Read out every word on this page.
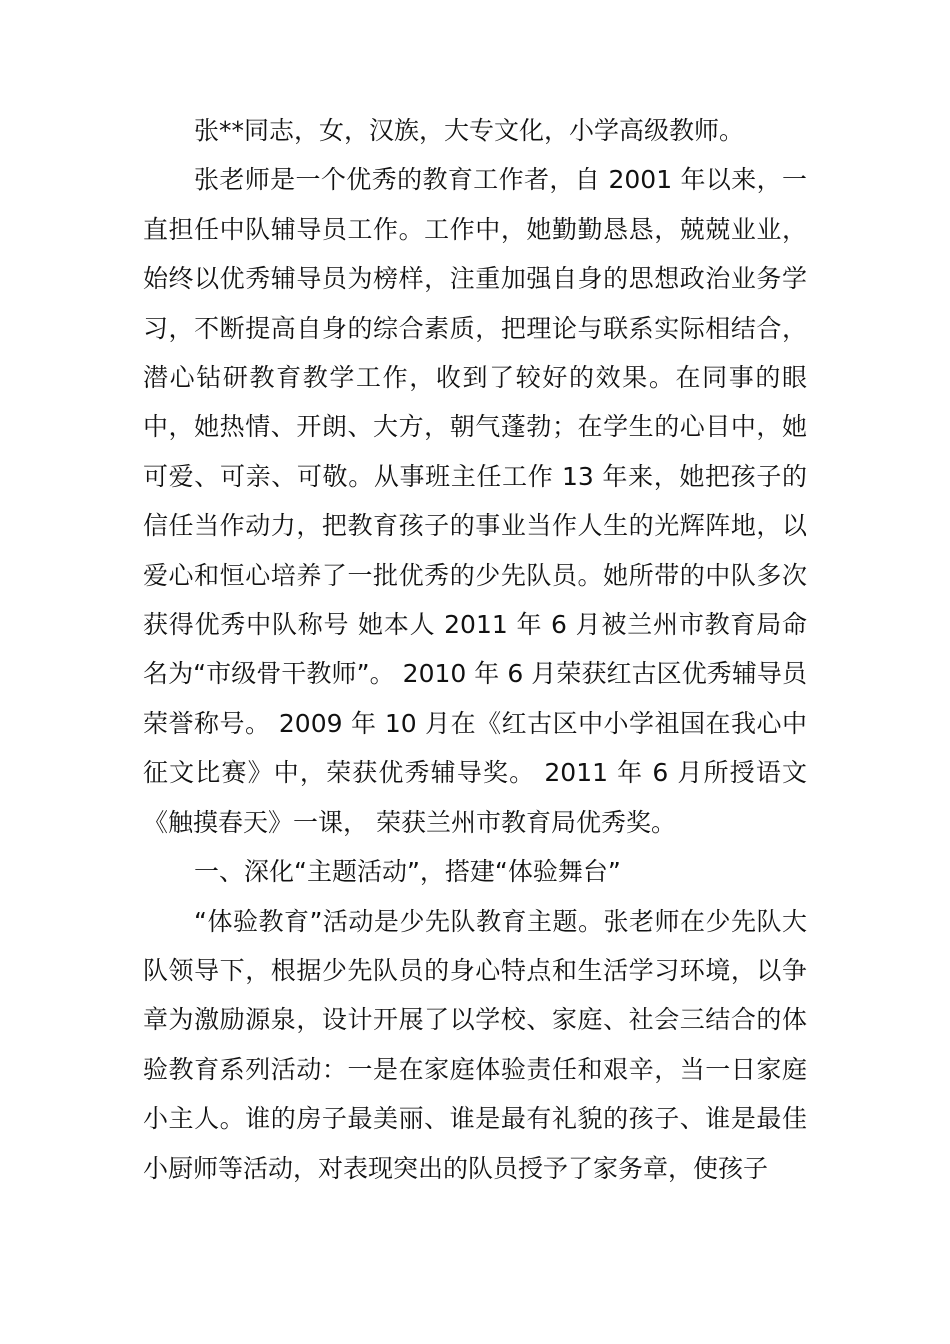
张**同志，女，汉族，大专文化，小学高级教师。

张老师是一个优秀的教育工作者，自 2001 年以来，一直担任中队辅导员工作。工作中，她勤勤恳恳，兢兢业业，始终以优秀辅导员为榜样，注重加强自身的思想政治业务学习，不断提高自身的综合素质，把理论与联系实际相结合，潜心钻研教育教学工作，收到了较好的效果。在同事的眼中，她热情、开朗、大方，朝气蓬勃；在学生的心目中，她可爱、可亲、可敬。从事班主任工作 13 年来，她把孩子的信任当作动力，把教育孩子的事业当作人生的光辉阵地，以爱心和恒心培养了一批优秀的少先队员。她所带的中队多次获得优秀中队称号 她本人 2011 年 6 月被兰州市教育局命名为“市级骨干教师”。 2010 年 6 月荣获红古区优秀辅导员荣誉称号。 2009 年 10 月在《红古区中小学祖国在我心中征文比赛》中，荣获优秀辅导奖。 2011 年 6 月所授语文《触摸春天》一课， 荣获兰州市教育局优秀奖。

一、深化“主题活动”，搭建“体验舞台”

“体验教育”活动是少先队教育主题。张老师在少先队大队领导下，根据少先队员的身心特点和生活学习环境，以争章为激励源泉，设计开展了以学校、家庭、社会三结合的体验教育系列活动：一是在家庭体验责任和艰辛，当一日家庭小主人。谁的房子最美丽、谁是最有礼貌的孩子、谁是最佳小厨师等活动，对表现突出的队员授予了家务章，使孩子
